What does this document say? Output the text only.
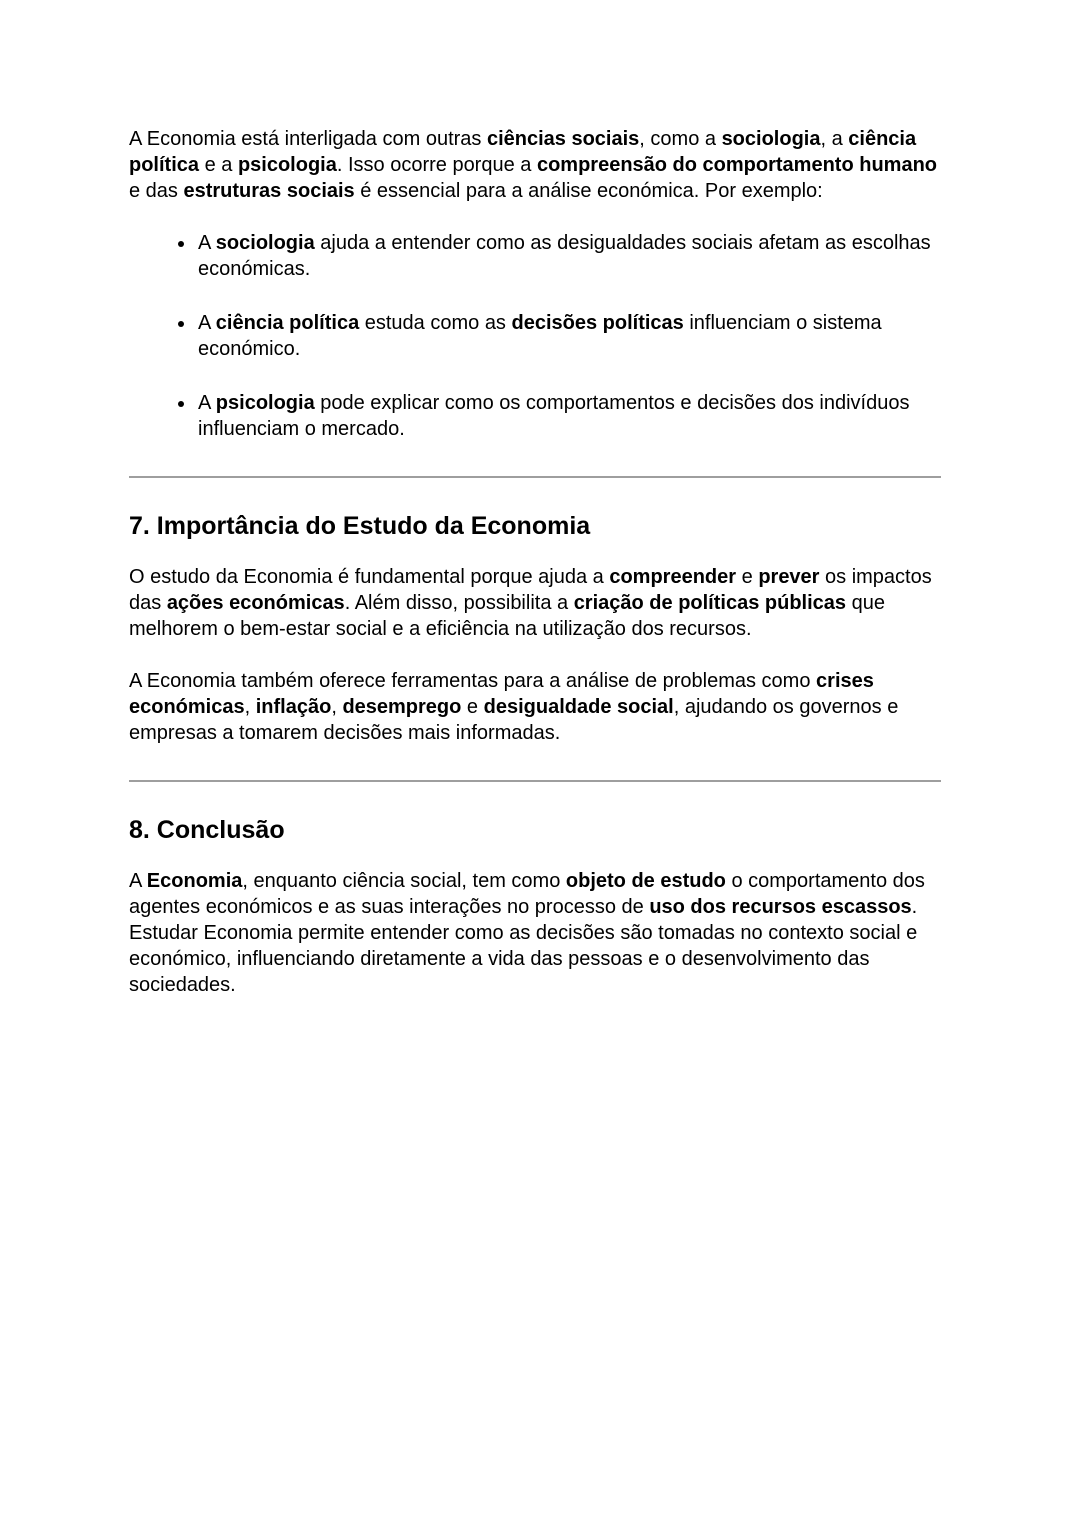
A Economia está interligada com outras ciências sociais, como a sociologia, a ciência política e a psicologia. Isso ocorre porque a compreensão do comportamento humano e das estruturas sociais é essencial para a análise económica. Por exemplo:

• A sociologia ajuda a entender como as desigualdades sociais afetam as escolhas económicas.
• A ciência política estuda como as decisões políticas influenciam o sistema económico.
• A psicologia pode explicar como os comportamentos e decisões dos indivíduos influenciam o mercado.
7. Importância do Estudo da Economia

O estudo da Economia é fundamental porque ajuda a compreender e prever os impactos das ações económicas. Além disso, possibilita a criação de políticas públicas que melhorem o bem-estar social e a eficiência na utilização dos recursos.

A Economia também oferece ferramentas para a análise de problemas como crises económicas, inflação, desemprego e desigualdade social, ajudando os governos e empresas a tomarem decisões mais informadas.

8. Conclusão

A Economia, enquanto ciência social, tem como objeto de estudo o comportamento dos agentes económicos e as suas interações no processo de uso dos recursos escassos. Estudar Economia permite entender como as decisões são tomadas no contexto social e económico, influenciando diretamente a vida das pessoas e o desenvolvimento das sociedades.
